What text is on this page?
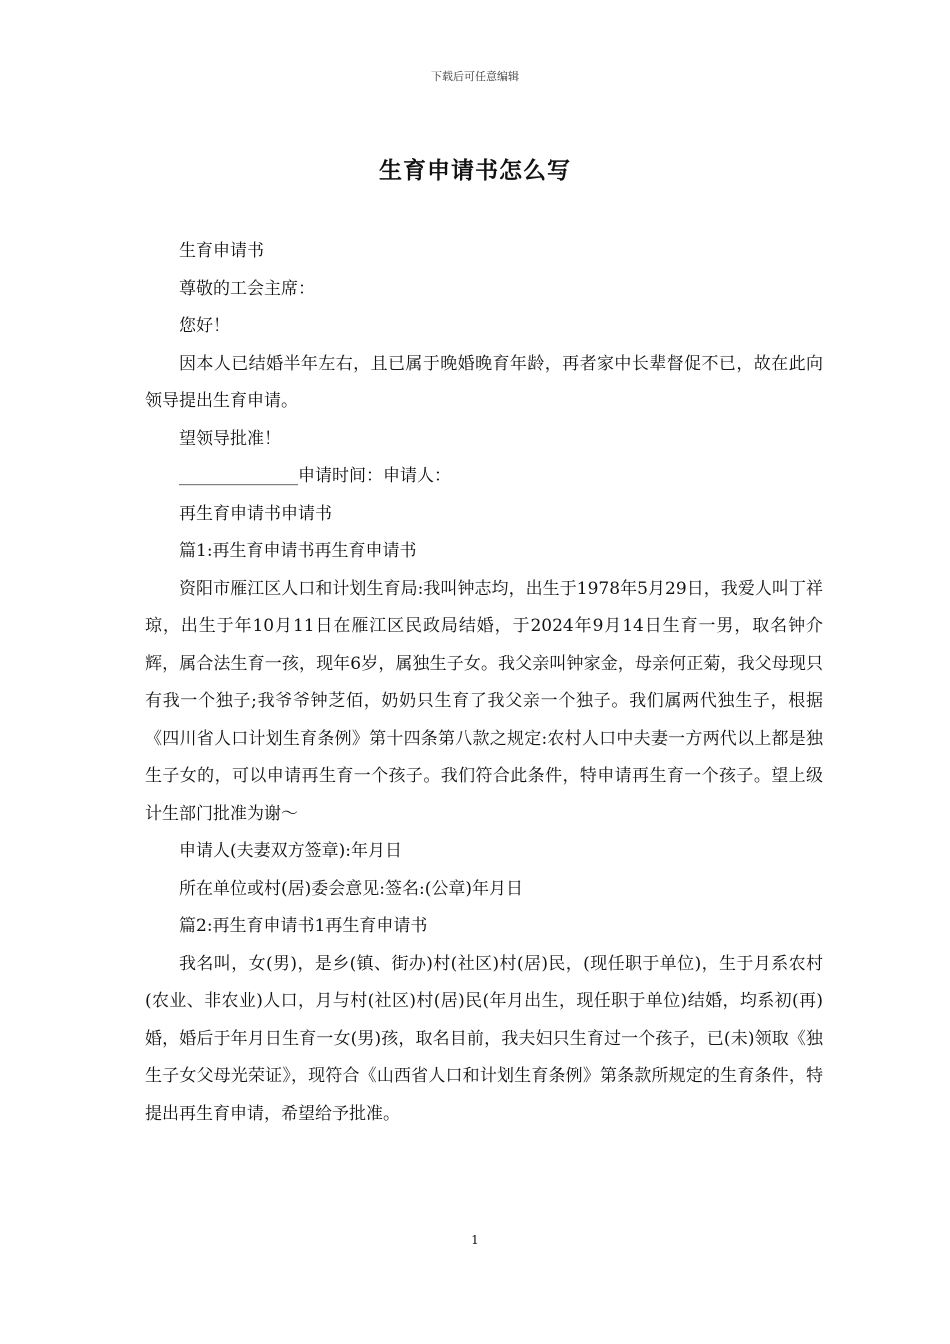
下载后可任意编辑
生育申请书怎么写

生育申请书

尊敬的工会主席：

您好！

因本人已结婚半年左右，且已属于晚婚晚育年龄，再者家中长辈督促不已，故在此向领导提出生育申请。

望领导批准！

______________申请时间：申请人：

再生育申请书申请书

篇1:再生育申请书再生育申请书

资阳市雁江区人口和计划生育局:我叫钟志均，出生于1978年5月29日，我爱人叫丁祥琼，出生于年10月11日在雁江区民政局结婚，于2024年9月14日生育一男，取名钟介辉，属合法生育一孩，现年6岁，属独生子女。我父亲叫钟家金，母亲何正菊，我父母现只有我一个独子;我爷爷钟芝佰，奶奶只生育了我父亲一个独子。我们属两代独生子，根据《四川省人口计划生育条例》第十四条第八款之规定:农村人口中夫妻一方两代以上都是独生子女的，可以申请再生育一个孩子。我们符合此条件，特申请再生育一个孩子。望上级计生部门批准为谢～

申请人(夫妻双方签章):年月日

所在单位或村(居)委会意见:签名:(公章)年月日

篇2:再生育申请书1再生育申请书

我名叫，女(男)，是乡(镇、街办)村(社区)村(居)民，(现任职于单位)，生于月系农村(农业、非农业)人口，月与村(社区)村(居)民(年月出生，现任职于单位)结婚，均系初(再)婚，婚后于年月日生育一女(男)孩，取名目前，我夫妇只生育过一个孩子，已(未)领取《独生子女父母光荣证》，现符合《山西省人口和计划生育条例》第条款所规定的生育条件，特提出再生育申请，希望给予批准。

1
